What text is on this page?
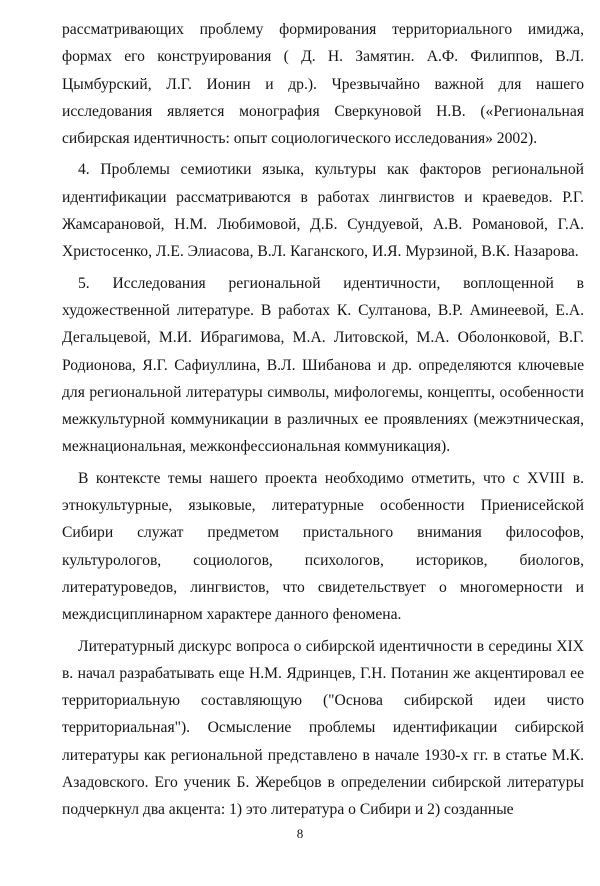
рассматривающих проблему формирования территориального имиджа, формах его конструирования ( Д. Н. Замятин. А.Ф. Филиппов, В.Л. Цымбурский, Л.Г. Ионин и др.). Чрезвычайно важной для нашего исследования является монография Сверкуновой Н.В. («Региональная сибирская идентичность: опыт социологического исследования» 2002).

4. Проблемы семиотики языка, культуры как факторов региональной идентификации рассматриваются в работах лингвистов и краеведов. Р.Г. Жамсарановой, Н.М. Любимовой, Д.Б. Сундуевой, А.В. Романовой, Г.А. Христосенко, Л.Е. Элиасова, В.Л. Каганского, И.Я. Мурзиной, В.К. Назарова.

5. Исследования региональной идентичности, воплощенной в художественной литературе. В работах К. Султанова, В.Р. Аминеевой, Е.А. Дегальцевой, М.И. Ибрагимова, М.А. Литовской, М.А. Оболонковой, В.Г. Родионова, Я.Г. Сафиуллина, В.Л. Шибанова и др. определяются ключевые для региональной литературы символы, мифологемы, концепты, особенности межкультурной коммуникации в различных ее проявлениях (межэтническая, межнациональная, межконфессиональная коммуникация).

В контексте темы нашего проекта необходимо отметить, что с XVIII в. этнокультурные, языковые, литературные особенности Приенисейской Сибири служат предметом пристального внимания философов, культурологов, социологов, психологов, историков, биологов, литературоведов, лингвистов, что свидетельствует о многомерности и междисциплинарном характере данного феномена.

Литературный дискурс вопроса о сибирской идентичности в середины XIX в. начал разрабатывать еще Н.М. Ядринцев, Г.Н. Потанин же акцентировал ее территориальную составляющую ("Основа сибирской идеи чисто территориальная"). Осмысление проблемы идентификации сибирской литературы как региональной представлено в начале 1930-х гг. в статье М.К. Азадовского. Его ученик Б. Жеребцов в определении сибирской литературы подчеркнул два акцента: 1) это литература о Сибири и 2) созданные

8
